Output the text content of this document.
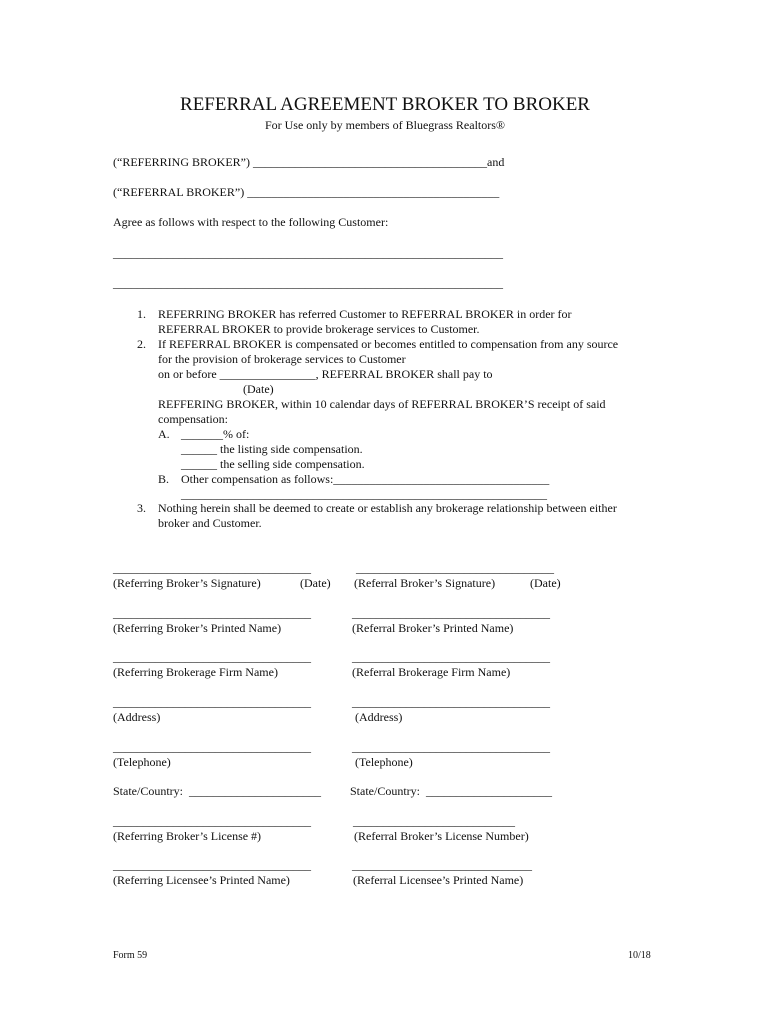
REFERRAL AGREEMENT BROKER TO BROKER
For Use only by members of Bluegrass Realtors®
(“REFERRING BROKER”) _______________________________________and
(“REFERRAL BROKER”) __________________________________________
Agree as follows with respect to the following Customer:
_________________________________________________________________
_________________________________________________________________
1. REFERRING BROKER has referred Customer to REFERRAL BROKER in order for
REFERRAL BROKER to provide brokerage services to Customer.
2. If REFERRAL BROKER is compensated or becomes entitled to compensation from any source
for the provision of brokerage services to Customer
on or before ________________, REFERRAL BROKER shall pay to
(Date)
REFFERING BROKER, within 10 calendar days of REFERRAL BROKER’S receipt of said
compensation:
A. _______% of:
______ the listing side compensation.
______ the selling side compensation.
B. Other compensation as follows:____________________________________
_____________________________________________________________
3. Nothing herein shall be deemed to create or establish any brokerage relationship between either
broker and Customer.
_________________________________	_________________________________
(Referring Broker’s Signature)	(Date) (Referral Broker’s Signature)	(Date)
_________________________________	_________________________________
(Referring Broker’s Printed Name)	(Referral Broker’s Printed Name)
_________________________________	_________________________________
(Referring Brokerage Firm Name)	(Referral Brokerage Firm Name)
_________________________________	_________________________________
(Address)	(Address)
_________________________________	_________________________________
(Telephone)	(Telephone)
State/Country:  ______________________ State/Country:  _____________________
_________________________________	___________________________
(Referring Broker’s License #)	(Referral Broker’s License Number)
_________________________________	______________________________
(Referring Licensee’s Printed Name)	(Referral Licensee’s Printed Name)
Form 59	10/18
